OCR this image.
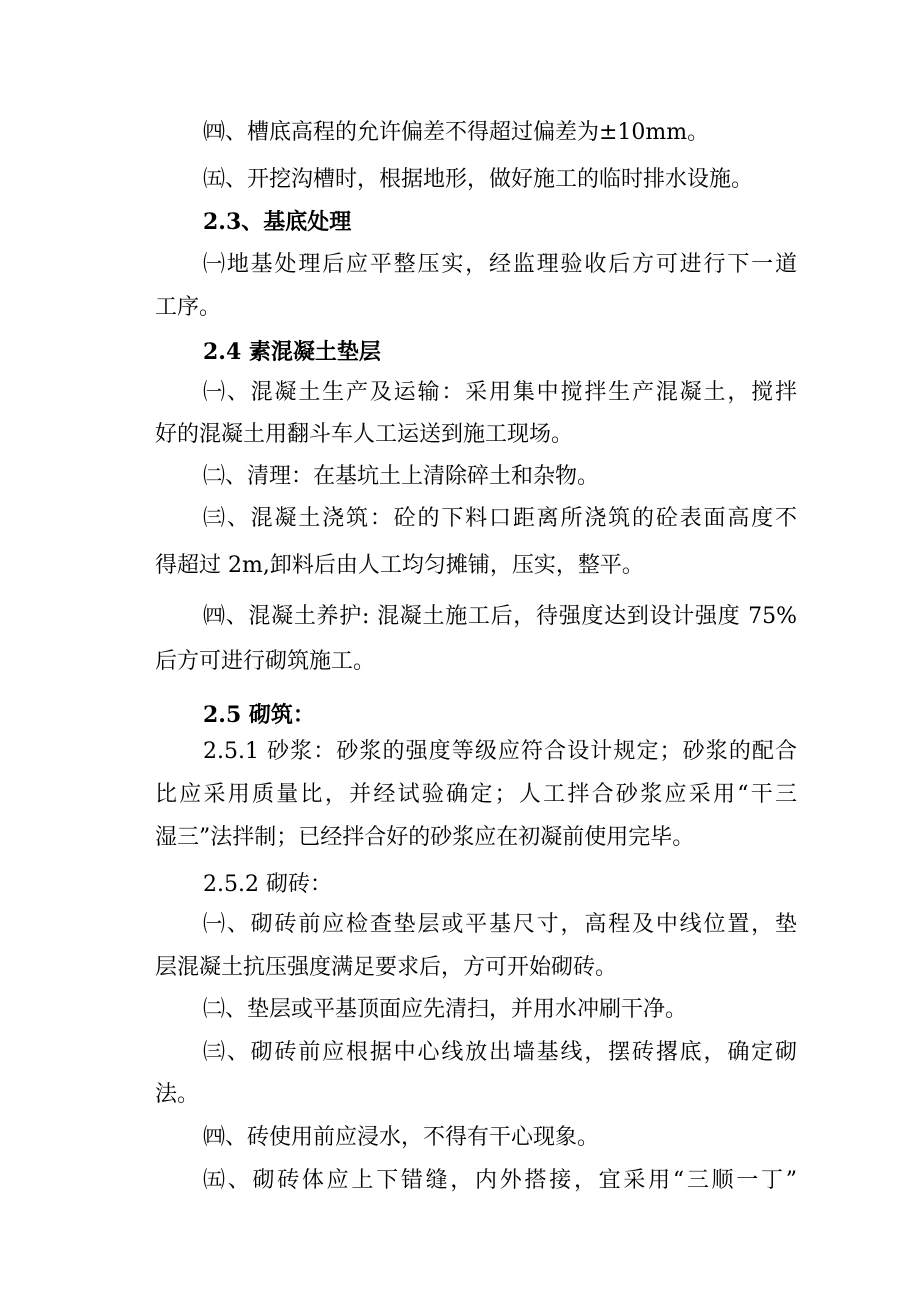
㈣、槽底高程的允许偏差不得超过偏差为±10mm。
㈤、开挖沟槽时，根据地形，做好施工的临时排水设施。
2.3、基底处理
㈠地基处理后应平整压实，经监理验收后方可进行下一道
工序。
2.4 素混凝土垫层
㈠、混凝土生产及运输：采用集中搅拌生产混凝土，搅拌
好的混凝土用翻斗车人工运送到施工现场。
㈡、清理：在基坑土上清除碎土和杂物。
㈢、混凝土浇筑：砼的下料口距离所浇筑的砼表面高度不
得超过 2m,卸料后由人工均匀摊铺，压实，整平。
㈣、混凝土养护: 混凝土施工后，待强度达到设计强度 75%
后方可进行砌筑施工。
2.5 砌筑：
2.5.1 砂浆：砂浆的强度等级应符合设计规定；砂浆的配合
比应采用质量比，并经试验确定；人工拌合砂浆应采用“干三
湿三”法拌制；已经拌合好的砂浆应在初凝前使用完毕。
2.5.2 砌砖：
㈠、砌砖前应检查垫层或平基尺寸，高程及中线位置，垫
层混凝土抗压强度满足要求后，方可开始砌砖。
㈡、垫层或平基顶面应先清扫，并用水冲刷干净。
㈢、砌砖前应根据中心线放出墙基线，摆砖撂底，确定砌
法。
㈣、砖使用前应浸水，不得有干心现象。
㈤、砌砖体应上下错缝，内外搭接，宜采用“三顺一丁”
